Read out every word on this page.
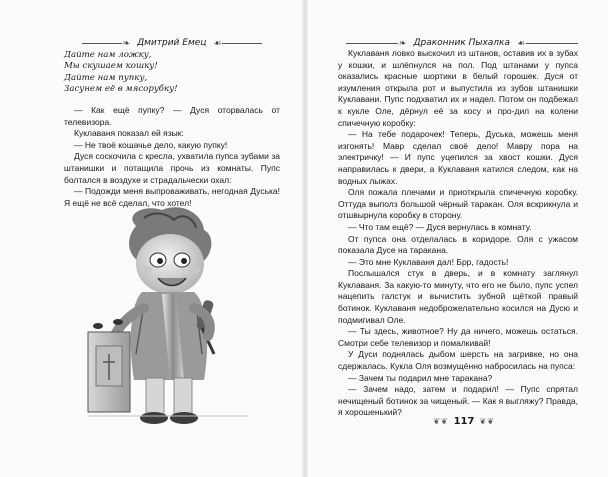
❧ Дмитрий Емец ☙
Дайте нам ложку,
Мы скушаем кошку!
Дайте нам пупку,
Засунем её в мясорубку!

— Как ещё пупку? — Дуся оторвалась от телевизора.

Куклаваня показал ей язык:

— Не твоё кошачье дело, какую пупку!

Дуся соскочила с кресла, ухватила пупса зубами за штанишки и потащила прочь из комнаты. Пупс болтался в воздухе и страдальчески охал:

— Подожди меня выпроваживать, негодная Дуська! Я ещё не всё сделал, что хотел!

❧ Драконник Пыхалка ☙

Куклаваня ловко выскочил из штанов, оставив их в зубах у кошки, и шлёпнулся на пол. Под штанами у пупса оказались красные шортики в белый горошек. Дуся от изумления открыла рот и выпустила из зубов штанишки Куклавани. Пупс подхватил их и надел. Потом он подбежал к кукле Оле, дёрнул её за косу и про-дил на колени спичечную коробку:

— На тебе подарочек! Теперь, Дуська, можешь меня изгонять! Мавр сделал своё дело! Мавру пора на электричку! — И пупс уцепился за хвост кошки. Дуся направилась к двери, а Куклаваня катился следом, как на водных лыжах.

Оля пожала плечами и приоткрыла спичечную коробку. Оттуда выполз большой чёрный таракан. Оля вскрикнула и отшвырнула коробку в сторону.

— Что там ещё? — Дуся вернулась в комнату.

От пупса она отделалась в коридоре. Оля с ужасом показала Дусе на таракана.

— Это мне Куклаваня дал! Брр, гадость!

Послышался стук в дверь, и в комнату заглянул Куклаваня. За какую-то минуту, что его не было, пупс успел нацепить галстук и вычистить зубной щёткой правый ботинок. Куклаваня недоброжелательно косился на Дусю и подмигивал Оле.

— Ты здесь, животное? Ну да ничего, можешь остаться. Смотри себе телевизор и помалкивай!

У Дуси поднялась дыбом шерсть на загривке, но она сдержалась. Кукла Оля возмущённо набросилась на пупса:

— Зачем ты подарил мне таракана?

— Зачем надо, затем и подарил! — Пупс спрятал нечищеный ботинок за чищеный. — Как я выгляжу? Правда, я хорошенький?

❦❦ 117 ❦❦
